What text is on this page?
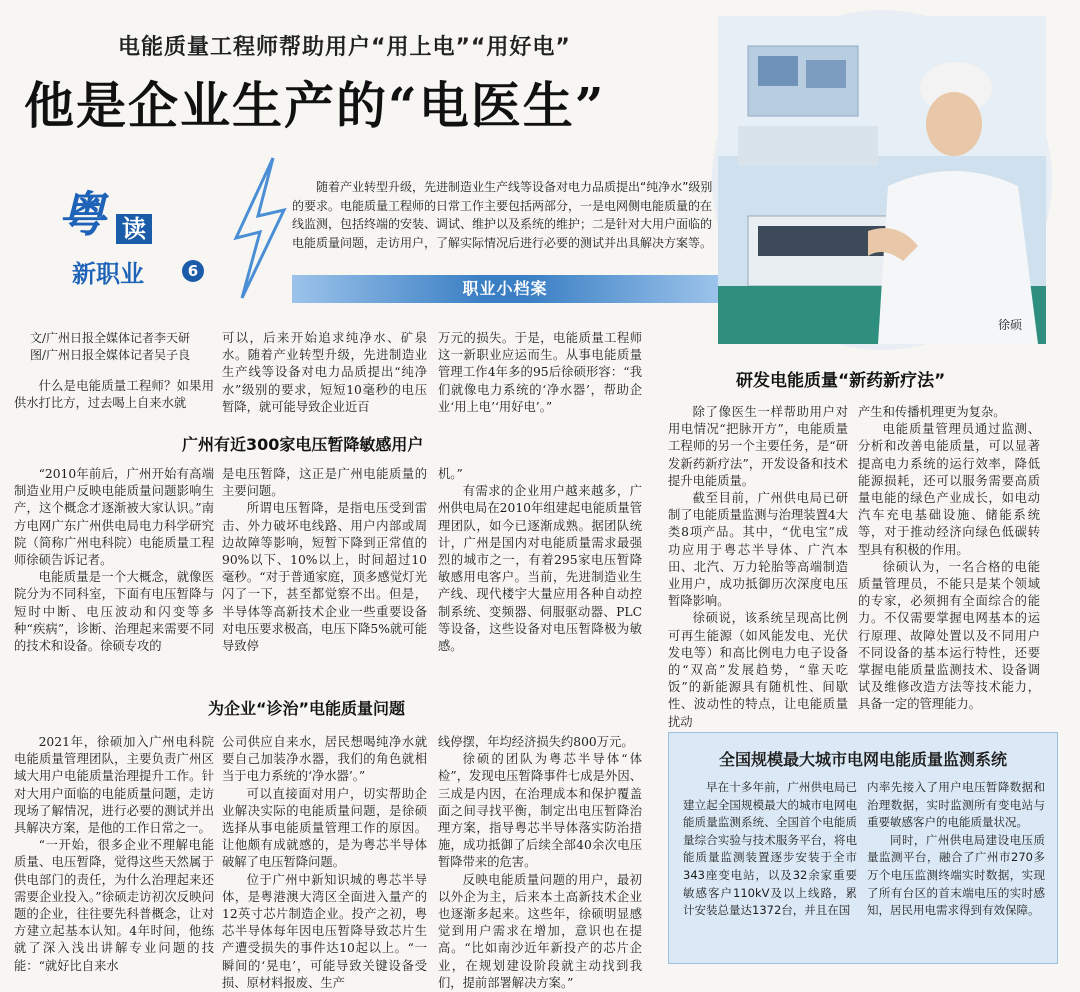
电能质量工程师帮助用户“用上电”“用好电”
他是企业生产的“电医生”
粤 读
新职业	6
随着产业转型升级，先进制造业生产线等设备对电力品质提出“纯净水”级别的要求。电能质量工程师的日常工作主要包括两部分，一是电网侧电能质量的在线监测，包括终端的安装、调试、维护以及系统的维护；二是针对大用户面临的电能质量问题，走访用户，了解实际情况后进行必要的测试并出具解决方案等。
职业小档案
徐硕
文/广州日报全媒体记者李天研
图/广州日报全媒体记者吴子良
什么是电能质量工程师？如果用供水打比方，过去喝上自来水就
可以，后来开始追求纯净水、矿泉水。随着产业转型升级，先进制造业生产线等设备对电力品质提出“纯净水”级别的要求，短短10毫秒的电压暂降，就可能导致企业近百
万元的损失。于是，电能质量工程师这一新职业应运而生。从事电能质量管理工作4年多的95后徐硕形容：“我们就像电力系统的‘净水器’，帮助企业‘用上电’‘用好电’。”
广州有近300家电压暂降敏感用户

“2010年前后，广州开始有高端制造业用户反映电能质量问题影响生产，这个概念才逐渐被大家认识。”南方电网广东广州供电局电力科学研究院（简称广州电科院）电能质量工程师徐硕告诉记者。

电能质量是一个大概念，就像医院分为不同科室，下面有电压暂降与短时中断、电压波动和闪变等多种“疾病”，诊断、治理起来需要不同的技术和设备。徐硕专攻的

是电压暂降，这正是广州电能质量的主要问题。

所谓电压暂降，是指电压受到雷击、外力破坏电线路、用户内部或周边故障等影响，短暂下降到正常值的90%以下、10%以上，时间超过10毫秒。“对于普通家庭，顶多感觉灯光闪了一下，甚至都觉察不出。但是，半导体等高新技术企业一些重要设备对电压要求极高，电压下降5%就可能导致停

机。”

有需求的企业用户越来越多，广州供电局在2010年组建起电能质量管理团队，如今已逐渐成熟。据团队统计，广州是国内对电能质量需求最强烈的城市之一，有着295家电压暂降敏感用电客户。当前，先进制造业生产线、现代楼宇大量应用各种自动控制系统、变频器、伺服驱动器、PLC等设备，这些设备对电压暂降极为敏感。

为企业“诊治”电能质量问题

2021年，徐硕加入广州电科院电能质量管理团队，主要负责广州区域大用户电能质量治理提升工作。针对大用户面临的电能质量问题，走访现场了解情况，进行必要的测试并出具解决方案，是他的工作日常之一。

“一开始，很多企业不理解电能质量、电压暂降，觉得这些天然属于供电部门的责任，为什么治理起来还需要企业投入。”徐硕走访初次反映问题的企业，往往要先科普概念，让对方建立起基本认知。4年时间，他练就了深入浅出讲解专业问题的技能：“就好比自来水

公司供应自来水，居民想喝纯净水就要自己加装净水器，我们的角色就相当于电力系统的‘净水器’。”

可以直接面对用户，切实帮助企业解决实际的电能质量问题，是徐硕选择从事电能质量管理工作的原因。让他颇有成就感的，是为粤芯半导体破解了电压暂降问题。

位于广州中新知识城的粤芯半导体，是粤港澳大湾区全面进入量产的12英寸芯片制造企业。投产之初，粤芯半导体每年因电压暂降导致芯片生产遭受损失的事件达10起以上。“一瞬间的‘晃电’，可能导致关键设备受损、原材料报废、生产

线停摆，年均经济损失约800万元。

徐硕的团队为粤芯半导体“体检”，发现电压暂降事件七成是外因、三成是内因，在治理成本和保护覆盖面之间寻找平衡，制定出电压暂降治理方案，指导粤芯半导体落实防治措施，成功抵御了后续全部40余次电压暂降带来的危害。

反映电能质量问题的用户，最初以外企为主，后来本土高新技术企业也逐渐多起来。这些年，徐硕明显感觉到用户需求在增加，意识也在提高。“比如南沙近年新投产的芯片企业，在规划建设阶段就主动找到我们，提前部署解决方案。”

研发电能质量“新药新疗法”

除了像医生一样帮助用户对用电情况“把脉开方”，电能质量工程师的另一个主要任务，是“研发新药新疗法”，开发设备和技术提升电能质量。

截至目前，广州供电局已研制了电能质量监测与治理装置4大类8项产品。其中，“优电宝”成功应用于粤芯半导体、广汽本田、北汽、万力轮胎等高端制造业用户，成功抵御历次深度电压暂降影响。

徐硕说，该系统呈现高比例可再生能源（如风能发电、光伏发电等）和高比例电力电子设备的“双高”发展趋势，“靠天吃饭”的新能源具有随机性、间歇性、波动性的特点，让电能质量扰动

产生和传播机理更为复杂。

电能质量管理员通过监测、分析和改善电能质量，可以显著提高电力系统的运行效率，降低能源损耗，还可以服务需要高质量电能的绿色产业成长，如电动汽车充电基础设施、储能系统等，对于推动经济向绿色低碳转型具有积极的作用。

徐硕认为，一名合格的电能质量管理员，不能只是某个领域的专家，必须拥有全面综合的能力。不仅需要掌握电网基本的运行原理、故障处置以及不同用户不同设备的基本运行特性，还要掌握电能质量监测技术、设备调试及维修改造方法等技术能力，具备一定的管理能力。

全国规模最大城市电网电能质量监测系统
早在十多年前，广州供电局已建立起全国规模最大的城市电网电能质量监测系统、全国首个电能质量综合实验与技术服务平台，将电能质量监测装置逐步安装于全市343座变电站，以及32余家重要敏感客户110kV及以上线路，累计安装总量达1372台，并且在国

内率先接入了用户电压暂降数据和治理数据，实时监测所有变电站与重要敏感客户的电能质量状况。

同时，广州供电局建设电压质量监测平台，融合了广州市270多万个电压监测终端实时数据，实现了所有台区的首末端电压的实时感知，居民用电需求得到有效保障。
